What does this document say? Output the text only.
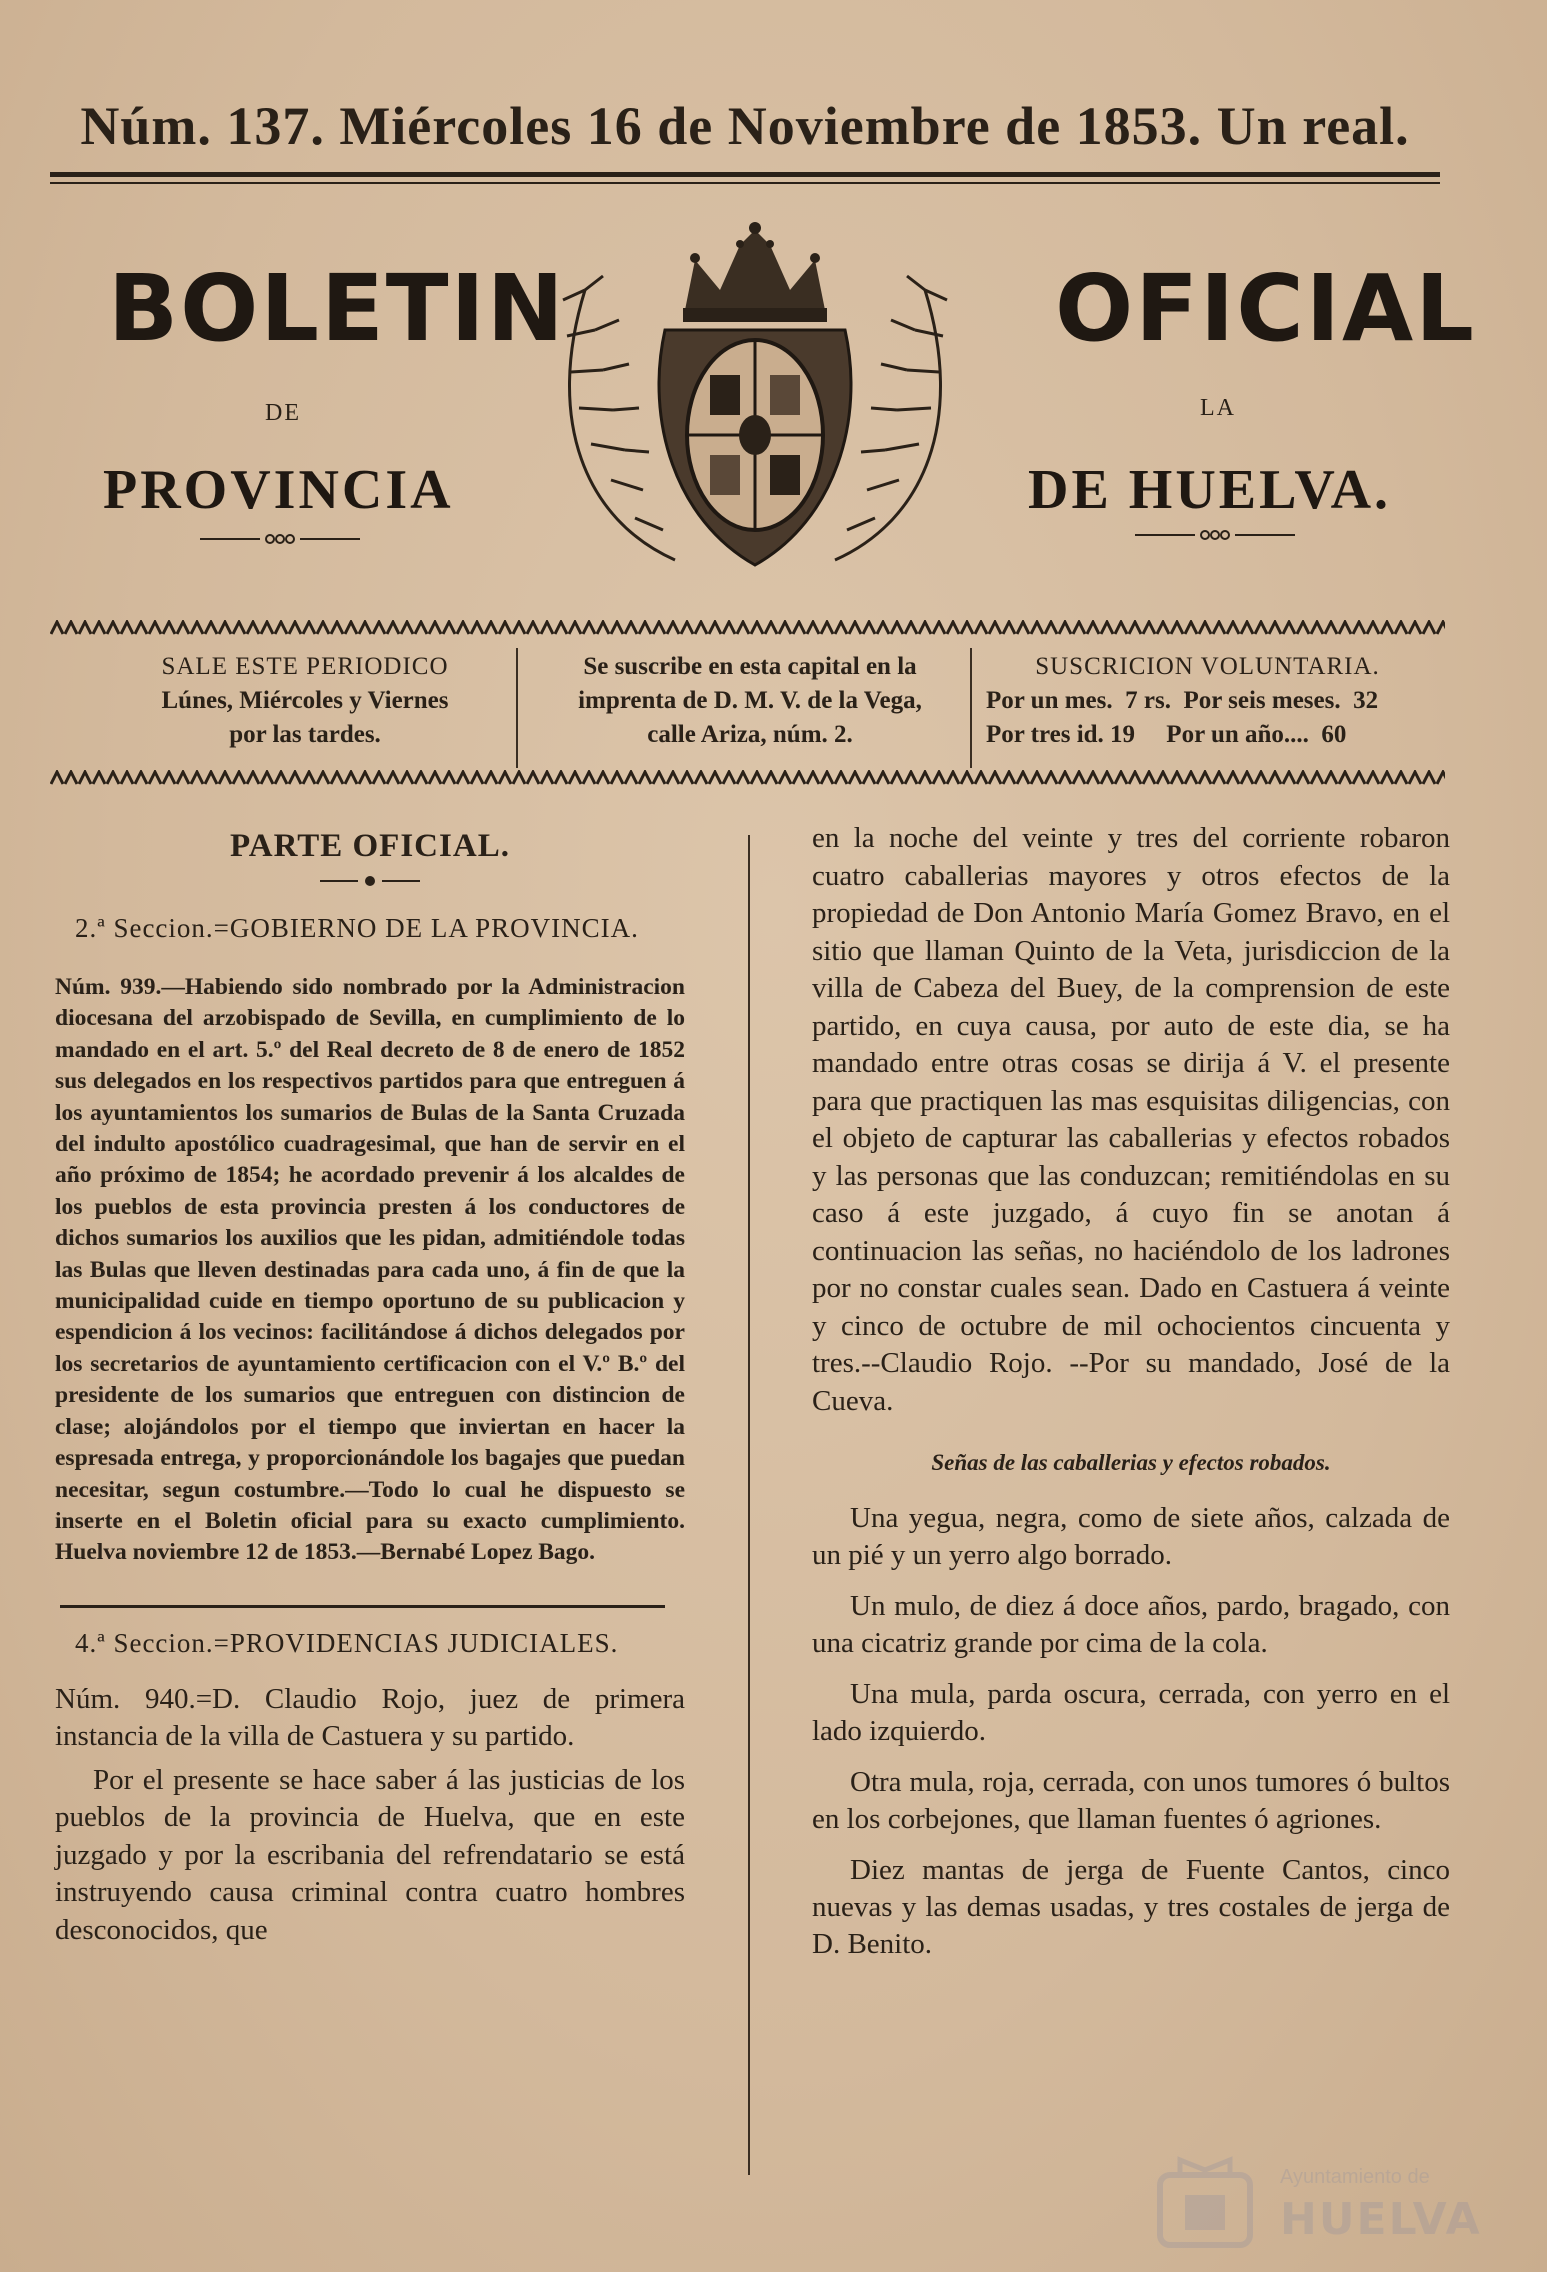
Núm. 137. Miércoles 16 de Noviembre de 1853. Un real.
BOLETIN
DE
PROVINCIA
OFICIAL
LA
DE HUELVA.
SALE ESTE PERIODICO
Lúnes, Miércoles y Viernes
por las tardes.
Se suscribe en esta capital en la
imprenta de D. M. V. de la Vega,
calle Ariza, núm. 2.
SUSCRICION VOLUNTARIA.
Por un mes.  7 rs.  Por seis meses.  32
Por tres id. 19     Por un año....  60
PARTE OFICIAL.
2.ª Seccion.=GOBIERNO DE LA PROVINCIA.

Núm. 939.—Habiendo sido nombrado por la Administracion diocesana del arzobispado de Sevilla, en cumplimiento de lo mandado en el art. 5.º del Real decreto de 8 de enero de 1852 sus delegados en los respectivos partidos para que entreguen á los ayuntamientos los sumarios de Bulas de la Santa Cruzada del indulto apostólico cuadragesimal, que han de servir en el año próximo de 1854; he acordado prevenir á los alcaldes de los pueblos de esta provincia presten á los conductores de dichos sumarios los auxilios que les pidan, admitiéndole todas las Bulas que lleven destinadas para cada uno, á fin de que la municipalidad cuide en tiempo oportuno de su publicacion y espendicion á los vecinos: facilitándose á dichos delegados por los secretarios de ayuntamiento certificacion con el V.º B.º del presidente de los sumarios que entreguen con distincion de clase; alojándolos por el tiempo que inviertan en hacer la espresada entrega, y proporcionándole los bagajes que puedan necesitar, segun costumbre.—Todo lo cual he dispuesto se inserte en el Boletin oficial para su exacto cumplimiento. Huelva noviembre 12 de 1853.—Bernabé Lopez Bago.

4.ª Seccion.=PROVIDENCIAS JUDICIALES.

Núm. 940.=D. Claudio Rojo, juez de primera instancia de la villa de Castuera y su partido.

Por el presente se hace saber á las justicias de los pueblos de la provincia de Huelva, que en este juzgado y por la escribania del refrendatario se está instruyendo causa criminal contra cuatro hombres desconocidos, que

en la noche del veinte y tres del corriente robaron cuatro caballerias mayores y otros efectos de la propiedad de Don Antonio María Gomez Bravo, en el sitio que llaman Quinto de la Veta, jurisdiccion de la villa de Cabeza del Buey, de la comprension de este partido, en cuya causa, por auto de este dia, se ha mandado entre otras cosas se dirija á V. el presente para que practiquen las mas esquisitas diligencias, con el objeto de capturar las caballerias y efectos robados y las personas que las conduzcan; remitiéndolas en su caso á este juzgado, á cuyo fin se anotan á continuacion las señas, no haciéndolo de los ladrones por no constar cuales sean. Dado en Castuera á veinte y cinco de octubre de mil ochocientos cincuenta y tres.--Claudio Rojo. --Por su mandado, José de la Cueva.

Señas de las caballerias y efectos robados.

Una yegua, negra, como de siete años, calzada de un pié y un yerro algo borrado.

Un mulo, de diez á doce años, pardo, bragado, con una cicatriz grande por cima de la cola.

Una mula, parda oscura, cerrada, con yerro en el lado izquierdo.

Otra mula, roja, cerrada, con unos tumores ó bultos en los corbejones, que llaman fuentes ó agriones.

Diez mantas de jerga de Fuente Cantos, cinco nuevas y las demas usadas, y tres costales de jerga de D. Benito.

Ayuntamiento de
HUELVA
